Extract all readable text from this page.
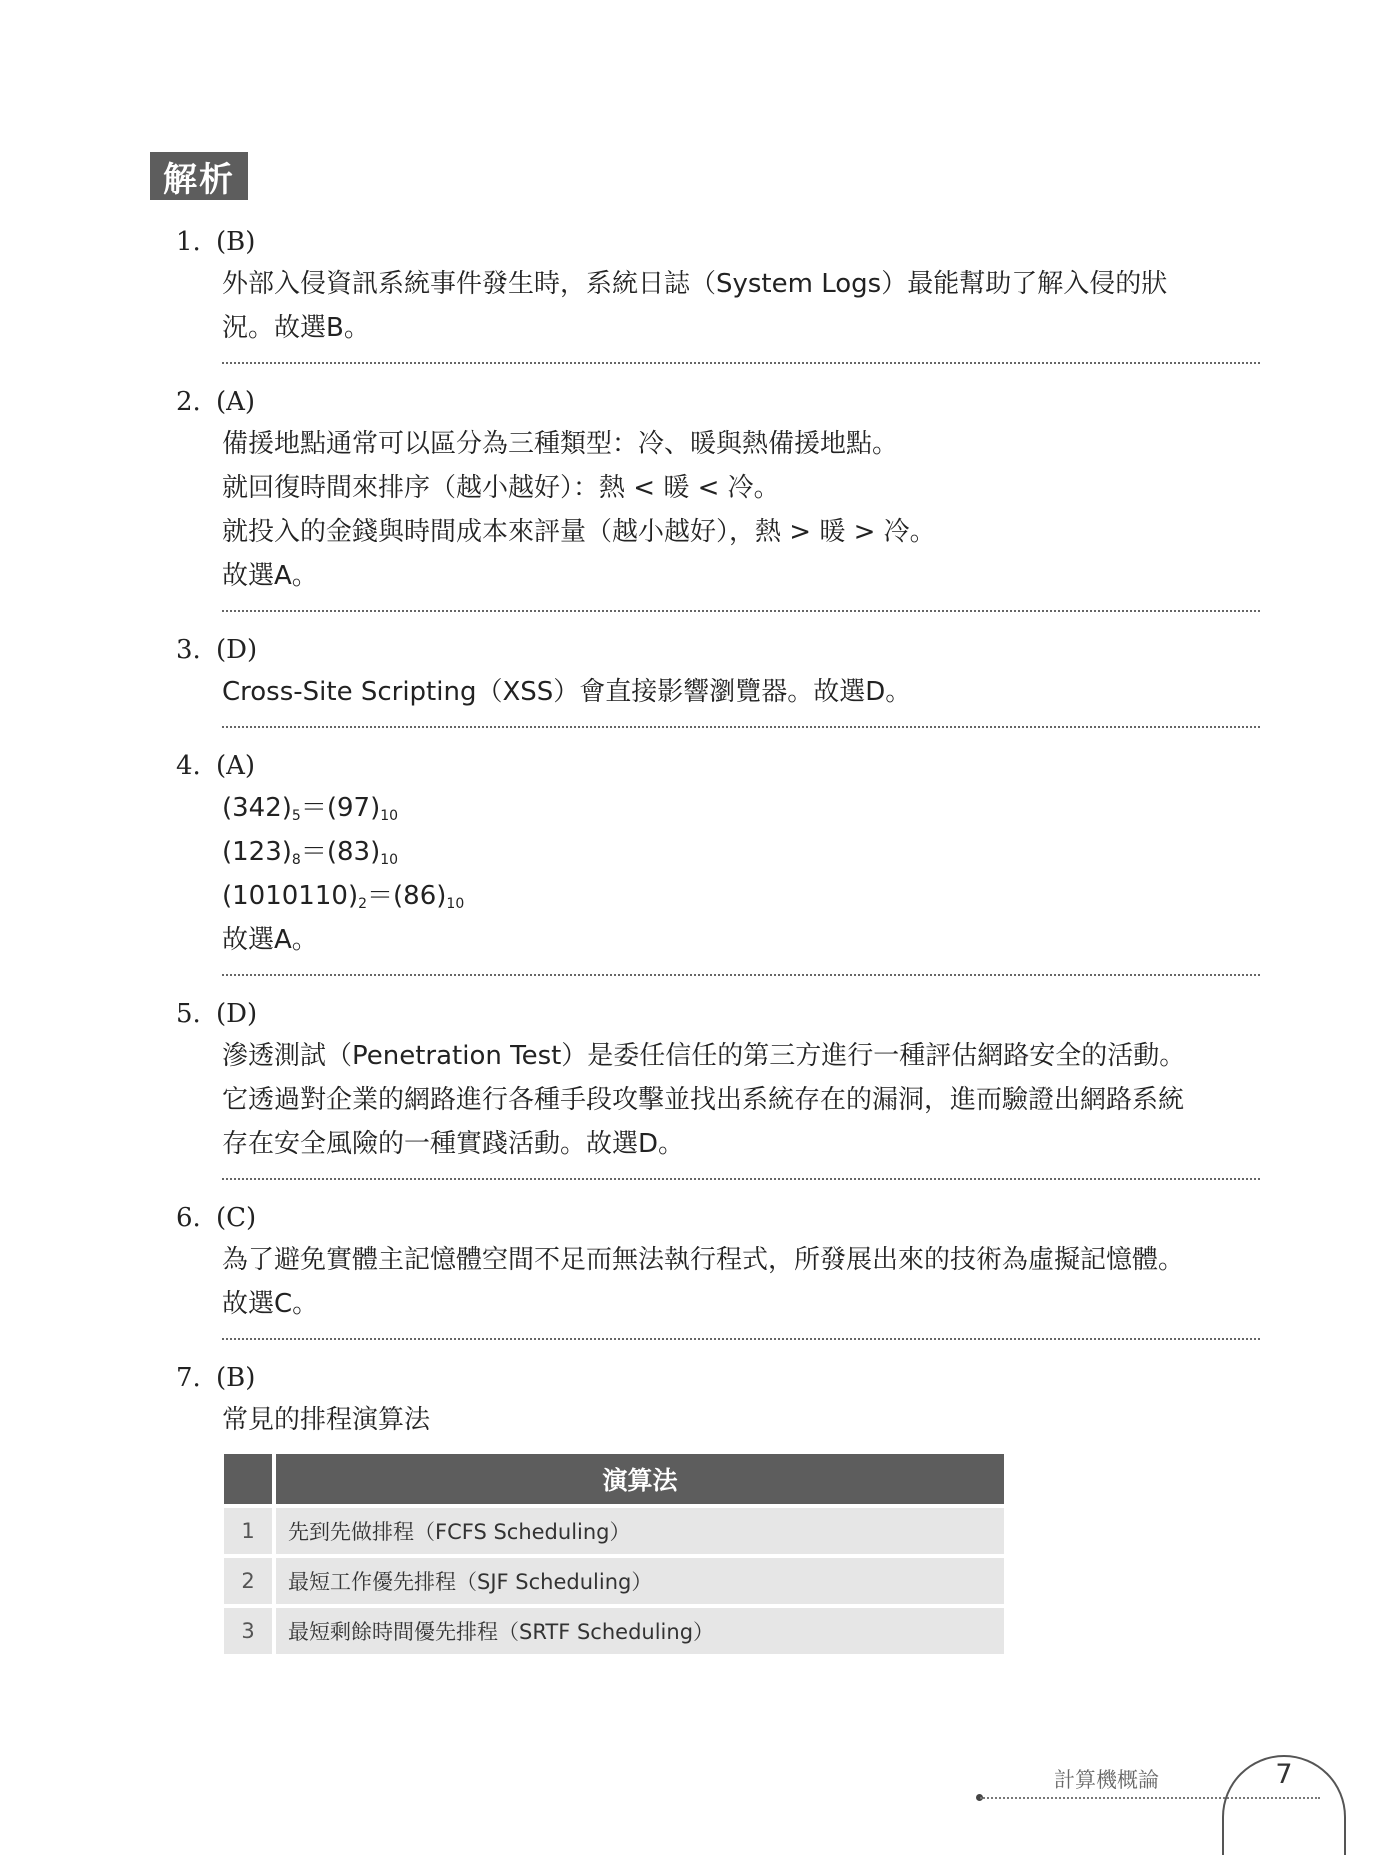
解析
1. (B)
外部入侵資訊系統事件發生時，系統日誌（System Logs）最能幫助了解入侵的狀
況。故選B。
2. (A)
備援地點通常可以區分為三種類型：冷、暖與熱備援地點。
就回復時間來排序（越小越好）：熱 < 暖 < 冷。
就投入的金錢與時間成本來評量（越小越好），熱 > 暖 > 冷。
故選A。
3. (D)
Cross-Site Scripting（XSS）會直接影響瀏覽器。故選D。
4. (A)
$(342)_5=(97)_{10}$
$(123)_8=(83)_{10}$
$(1010110)_2=(86)_{10}$
故選A。
5. (D)
滲透測試（Penetration Test）是委任信任的第三方進行一種評估網路安全的活動。
它透過對企業的網路進行各種手段攻擊並找出系統存在的漏洞，進而驗證出網路系統
存在安全風險的一種實踐活動。故選D。
6. (C)
為了避免實體主記憶體空間不足而無法執行程式，所發展出來的技術為虛擬記憶體。
故選C。
7. (B)
常見的排程演算法
	演算法
1	先到先做排程（FCFS Scheduling）
2	最短工作優先排程（SJF Scheduling）
3	最短剩餘時間優先排程（SRTF Scheduling）
計算機概論	7
